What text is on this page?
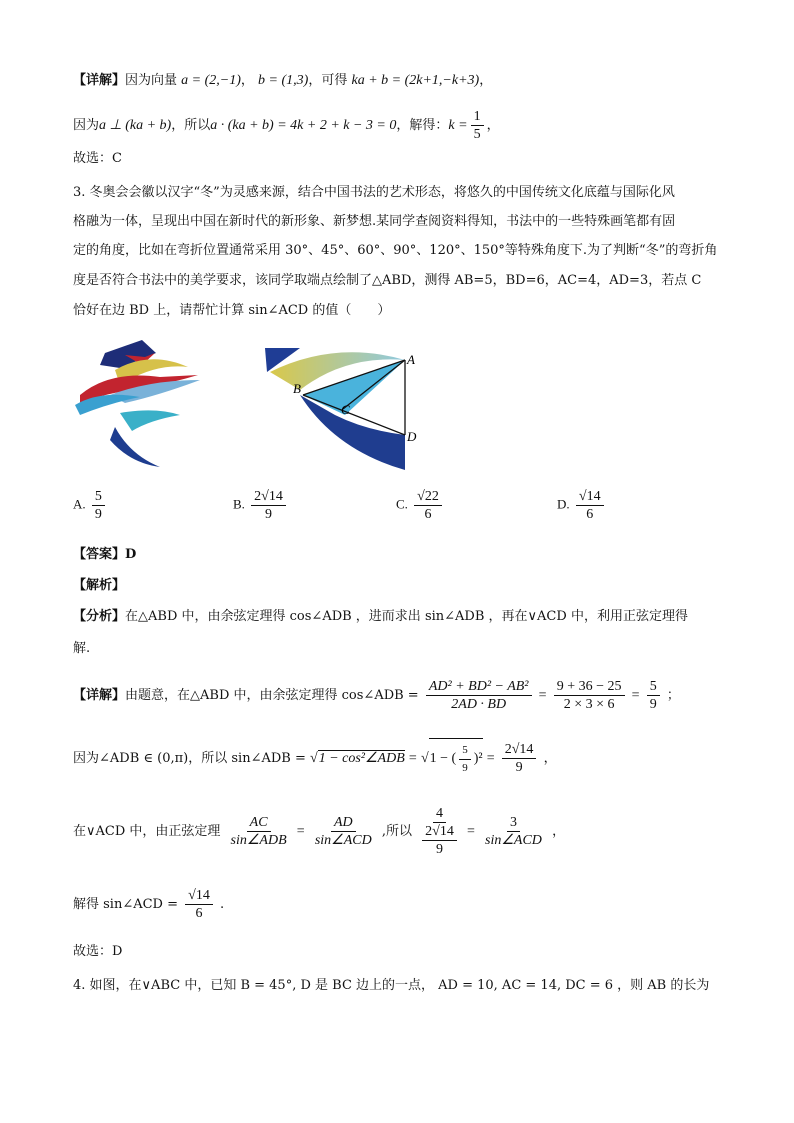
【详解】因为向量 a = (2,−1)， b = (1,3)，可得 ka + b = (2k+1,−k+3)，
因为a ⊥ (ka + b)，所以a · (ka + b) = 4k + 2 + k − 3 = 0，解得：$k = \frac{1}{5}$ ，
故选：C
3. 冬奥会会徽以汉字“冬”为灵感来源，结合中国书法的艺术形态，将悠久的中国传统文化底蕴与国际化风
格融为一体，呈现出中国在新时代的新形象、新梦想.某同学查阅资料得知，书法中的一些特殊画笔都有固
定的角度，比如在弯折位置通常采用 30°、45°、60°、90°、120°、150°等特殊角度下.为了判断“冬”的弯折角
度是否符合书法中的美学要求，该同学取端点绘制了△ABD，测得 AB=5，BD=6，AC=4，AD=3，若点 C
恰好在边 BD 上，请帮忙计算 sin∠ACD 的值（　　）
A
B
C
D
A. $\frac{5}{9}$	B. $\frac{2√14}{9}$	C. $\frac{√22}{6}$	D. $\frac{√14}{6}$
【答案】D
【解析】
【分析】在△ABD 中，由余弦定理得 cos∠ADB ，进而求出 sin∠ADB ，再在∨ACD 中，利用正弦定理得
解.
【详解】由题意，在△ABD 中，由余弦定理得 cos∠ADB = $\frac{\text{AD² + BD² − AB²}}{2AD \cdot BD} = \frac{9 + 36 - 25}{2 \times 3 \times 6} = \frac{5}{9}$ ；
因为∠ADB ∈ (0,π)，所以 sin∠ADB = √1 − cos²∠ADB = √ 1 − ( $\frac{5}{9} )^2 = \frac{2√14}{9}$ ，
在∨ACD 中，由正弦定理 $\frac{AC}{\text{sin∠ADB}} = \frac{AD}{\text{sin∠ACD}}$ ,所以 4
2√14
$9 = \frac{3}{\text{sin∠ACD}}$ ，
解得 sin∠ACD = $\frac{√14}{6}$ .
故选：D
4. 如图，在∨ABC 中，已知 B = 45°, D 是 BC 边上的一点， AD = 10, AC = 14, DC = 6 ，则 AB 的长为
